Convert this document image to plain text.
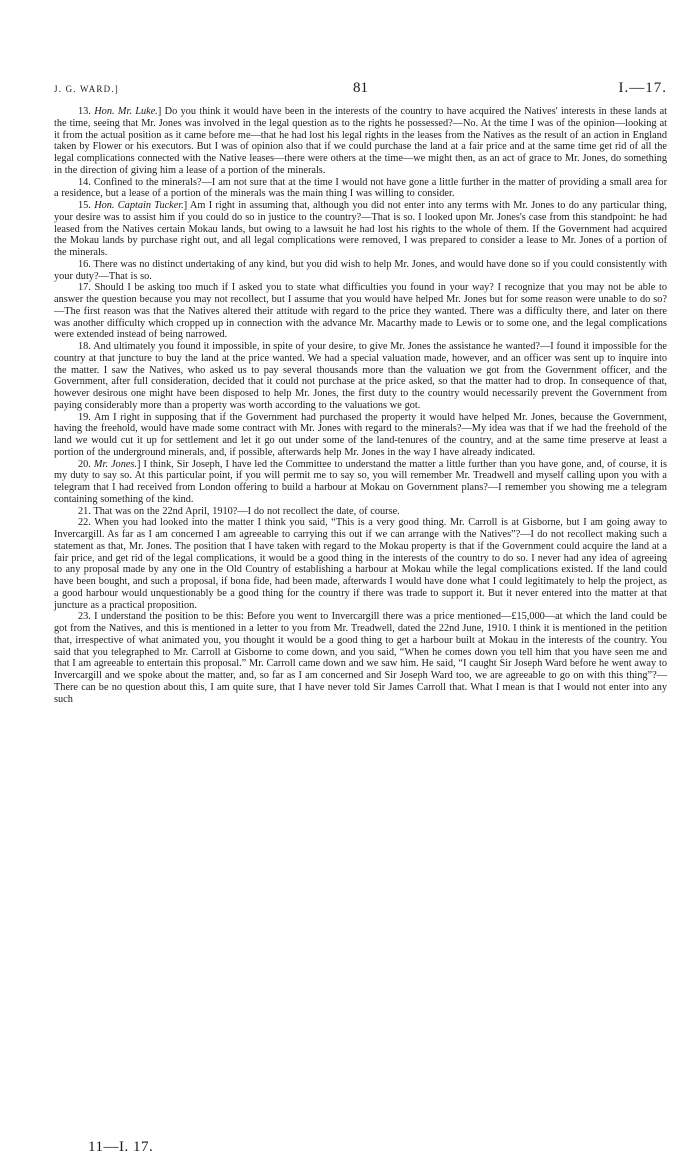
J. G. WARD.]	81	I.—17.

13. Hon. Mr. Luke.] Do you think it would have been in the interests of the country to have acquired the Natives' interests in these lands at the time, seeing that Mr. Jones was involved in the legal question as to the rights he possessed?—No. At the time I was of the opinion—looking at it from the actual position as it came before me—that he had lost his legal rights in the leases from the Natives as the result of an action in England taken by Flower or his executors. But I was of opinion also that if we could purchase the land at a fair price and at the same time get rid of all the legal complications connected with the Native leases—there were others at the time—we might then, as an act of grace to Mr. Jones, do something in the direction of giving him a lease of a portion of the minerals.

14. Confined to the minerals?—I am not sure that at the time I would not have gone a little further in the matter of providing a small area for a residence, but a lease of a portion of the minerals was the main thing I was willing to consider.

15. Hon. Captain Tucker.] Am I right in assuming that, although you did not enter into any terms with Mr. Jones to do any particular thing, your desire was to assist him if you could do so in justice to the country?—That is so. I looked upon Mr. Jones's case from this standpoint: he had leased from the Natives certain Mokau lands, but owing to a lawsuit he had lost his rights to the whole of them. If the Government had acquired the Mokau lands by purchase right out, and all legal complications were removed, I was prepared to consider a lease to Mr. Jones of a portion of the minerals.

16. There was no distinct undertaking of any kind, but you did wish to help Mr. Jones, and would have done so if you could consistently with your duty?—That is so.

17. Should I be asking too much if I asked you to state what difficulties you found in your way? I recognize that you may not be able to answer the question because you may not recollect, but I assume that you would have helped Mr. Jones but for some reason were unable to do so?—The first reason was that the Natives altered their attitude with regard to the price they wanted. There was a difficulty there, and later on there was another difficulty which cropped up in connection with the advance Mr. Macarthy made to Lewis or to some one, and the legal complications were extended instead of being narrowed.

18. And ultimately you found it impossible, in spite of your desire, to give Mr. Jones the assistance he wanted?—I found it impossible for the country at that juncture to buy the land at the price wanted. We had a special valuation made, however, and an officer was sent up to inquire into the matter. I saw the Natives, who asked us to pay several thousands more than the valuation we got from the Government officer, and the Government, after full consideration, decided that it could not purchase at the price asked, so that the matter had to drop. In consequence of that, however desirous one might have been disposed to help Mr. Jones, the first duty to the country would necessarily prevent the Government from paying considerably more than a property was worth according to the valuations we got.

19. Am I right in supposing that if the Government had purchased the property it would have helped Mr. Jones, because the Government, having the freehold, would have made some contract with Mr. Jones with regard to the minerals?—My idea was that if we had the freehold of the land we would cut it up for settlement and let it go out under some of the land-tenures of the country, and at the same time preserve at least a portion of the underground minerals, and, if possible, afterwards help Mr. Jones in the way I have already indicated.

20. Mr. Jones.] I think, Sir Joseph, I have led the Committee to understand the matter a little further than you have gone, and, of course, it is my duty to say so. At this particular point, if you will permit me to say so, you will remember Mr. Treadwell and myself calling upon you with a telegram that I had received from London offering to build a harbour at Mokau on Government plans?—I remember you showing me a telegram containing something of the kind.

21. That was on the 22nd April, 1910?—I do not recollect the date, of course.

22. When you had looked into the matter I think you said, “This is a very good thing. Mr. Carroll is at Gisborne, but I am going away to Invercargill. As far as I am concerned I am agreeable to carrying this out if we can arrange with the Natives”?—I do not recollect making such a statement as that, Mr. Jones. The position that I have taken with regard to the Mokau property is that if the Government could acquire the land at a fair price, and get rid of the legal complications, it would be a good thing in the interests of the country to do so. I never had any idea of agreeing to any proposal made by any one in the Old Country of establishing a harbour at Mokau while the legal complications existed. If the land could have been bought, and such a proposal, if bona fide, had been made, afterwards I would have done what I could legitimately to help the project, as a good harbour would unquestionably be a good thing for the country if there was trade to support it. But it never entered into the matter at that juncture as a practical proposition.

23. I understand the position to be this: Before you went to Invercargill there was a price mentioned—£15,000—at which the land could be got from the Natives, and this is mentioned in a letter to you from Mr. Treadwell, dated the 22nd June, 1910. I think it is mentioned in the petition that, irrespective of what animated you, you thought it would be a good thing to get a harbour built at Mokau in the interests of the country. You said that you telegraphed to Mr. Carroll at Gisborne to come down, and you said, “When he comes down you tell him that you have seen me and that I am agreeable to entertain this proposal.” Mr. Carroll came down and we saw him. He said, “I caught Sir Joseph Ward before he went away to Invercargill and we spoke about the matter, and, so far as I am concerned and Sir Joseph Ward too, we are agreeable to go on with this thing”?—There can be no question about this, I am quite sure, that I have never told Sir James Carroll that. What I mean is that I would not enter into any such

11—I. 17.
